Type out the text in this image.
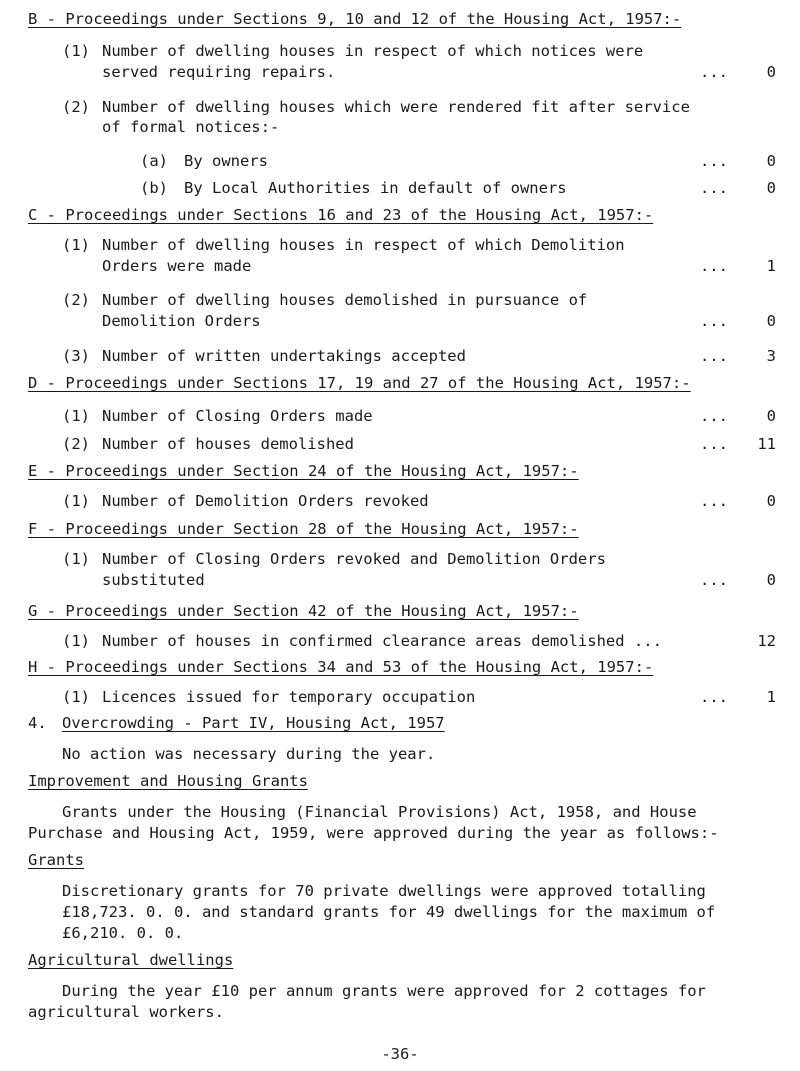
B - Proceedings under Sections 9, 10 and 12 of the Housing Act, 1957:-
(1) Number of dwelling houses in respect of which notices were
served requiring repairs.	... 0
(2) Number of dwelling houses which were rendered fit after service
of formal notices:-
(a) By owners	... 0
(b) By Local Authorities in default of owners	... 0
C - Proceedings under Sections 16 and 23 of the Housing Act, 1957:-
(1) Number of dwelling houses in respect of which Demolition
Orders were made	... 1
(2) Number of dwelling houses demolished in pursuance of
Demolition Orders	... 0
(3) Number of written undertakings accepted	... 3
D - Proceedings under Sections 17, 19 and 27 of the Housing Act, 1957:-
(1) Number of Closing Orders made	... 0
(2) Number of houses demolished	... 11
E - Proceedings under Section 24 of the Housing Act, 1957:-
(1) Number of Demolition Orders revoked	... 0
F - Proceedings under Section 28 of the Housing Act, 1957:-
(1) Number of Closing Orders revoked and Demolition Orders
substituted	... 0
G - Proceedings under Section 42 of the Housing Act, 1957:-
(1) Number of houses in confirmed clearance areas demolished ...	12
H - Proceedings under Sections 34 and 53 of the Housing Act, 1957:-
(1) Licences issued for temporary occupation	... 1
4. Overcrowding - Part IV, Housing Act, 1957
No action was necessary during the year.
Improvement and Housing Grants
Grants under the Housing (Financial Provisions) Act, 1958, and House
Purchase and Housing Act, 1959, were approved during the year as follows:-
Grants
Discretionary grants for 70 private dwellings were approved totalling
£18,723. 0. 0. and standard grants for 49 dwellings for the maximum of
£6,210. 0. 0.
Agricultural dwellings
During the year £10 per annum grants were approved for 2 cottages for
agricultural workers.
-36-
